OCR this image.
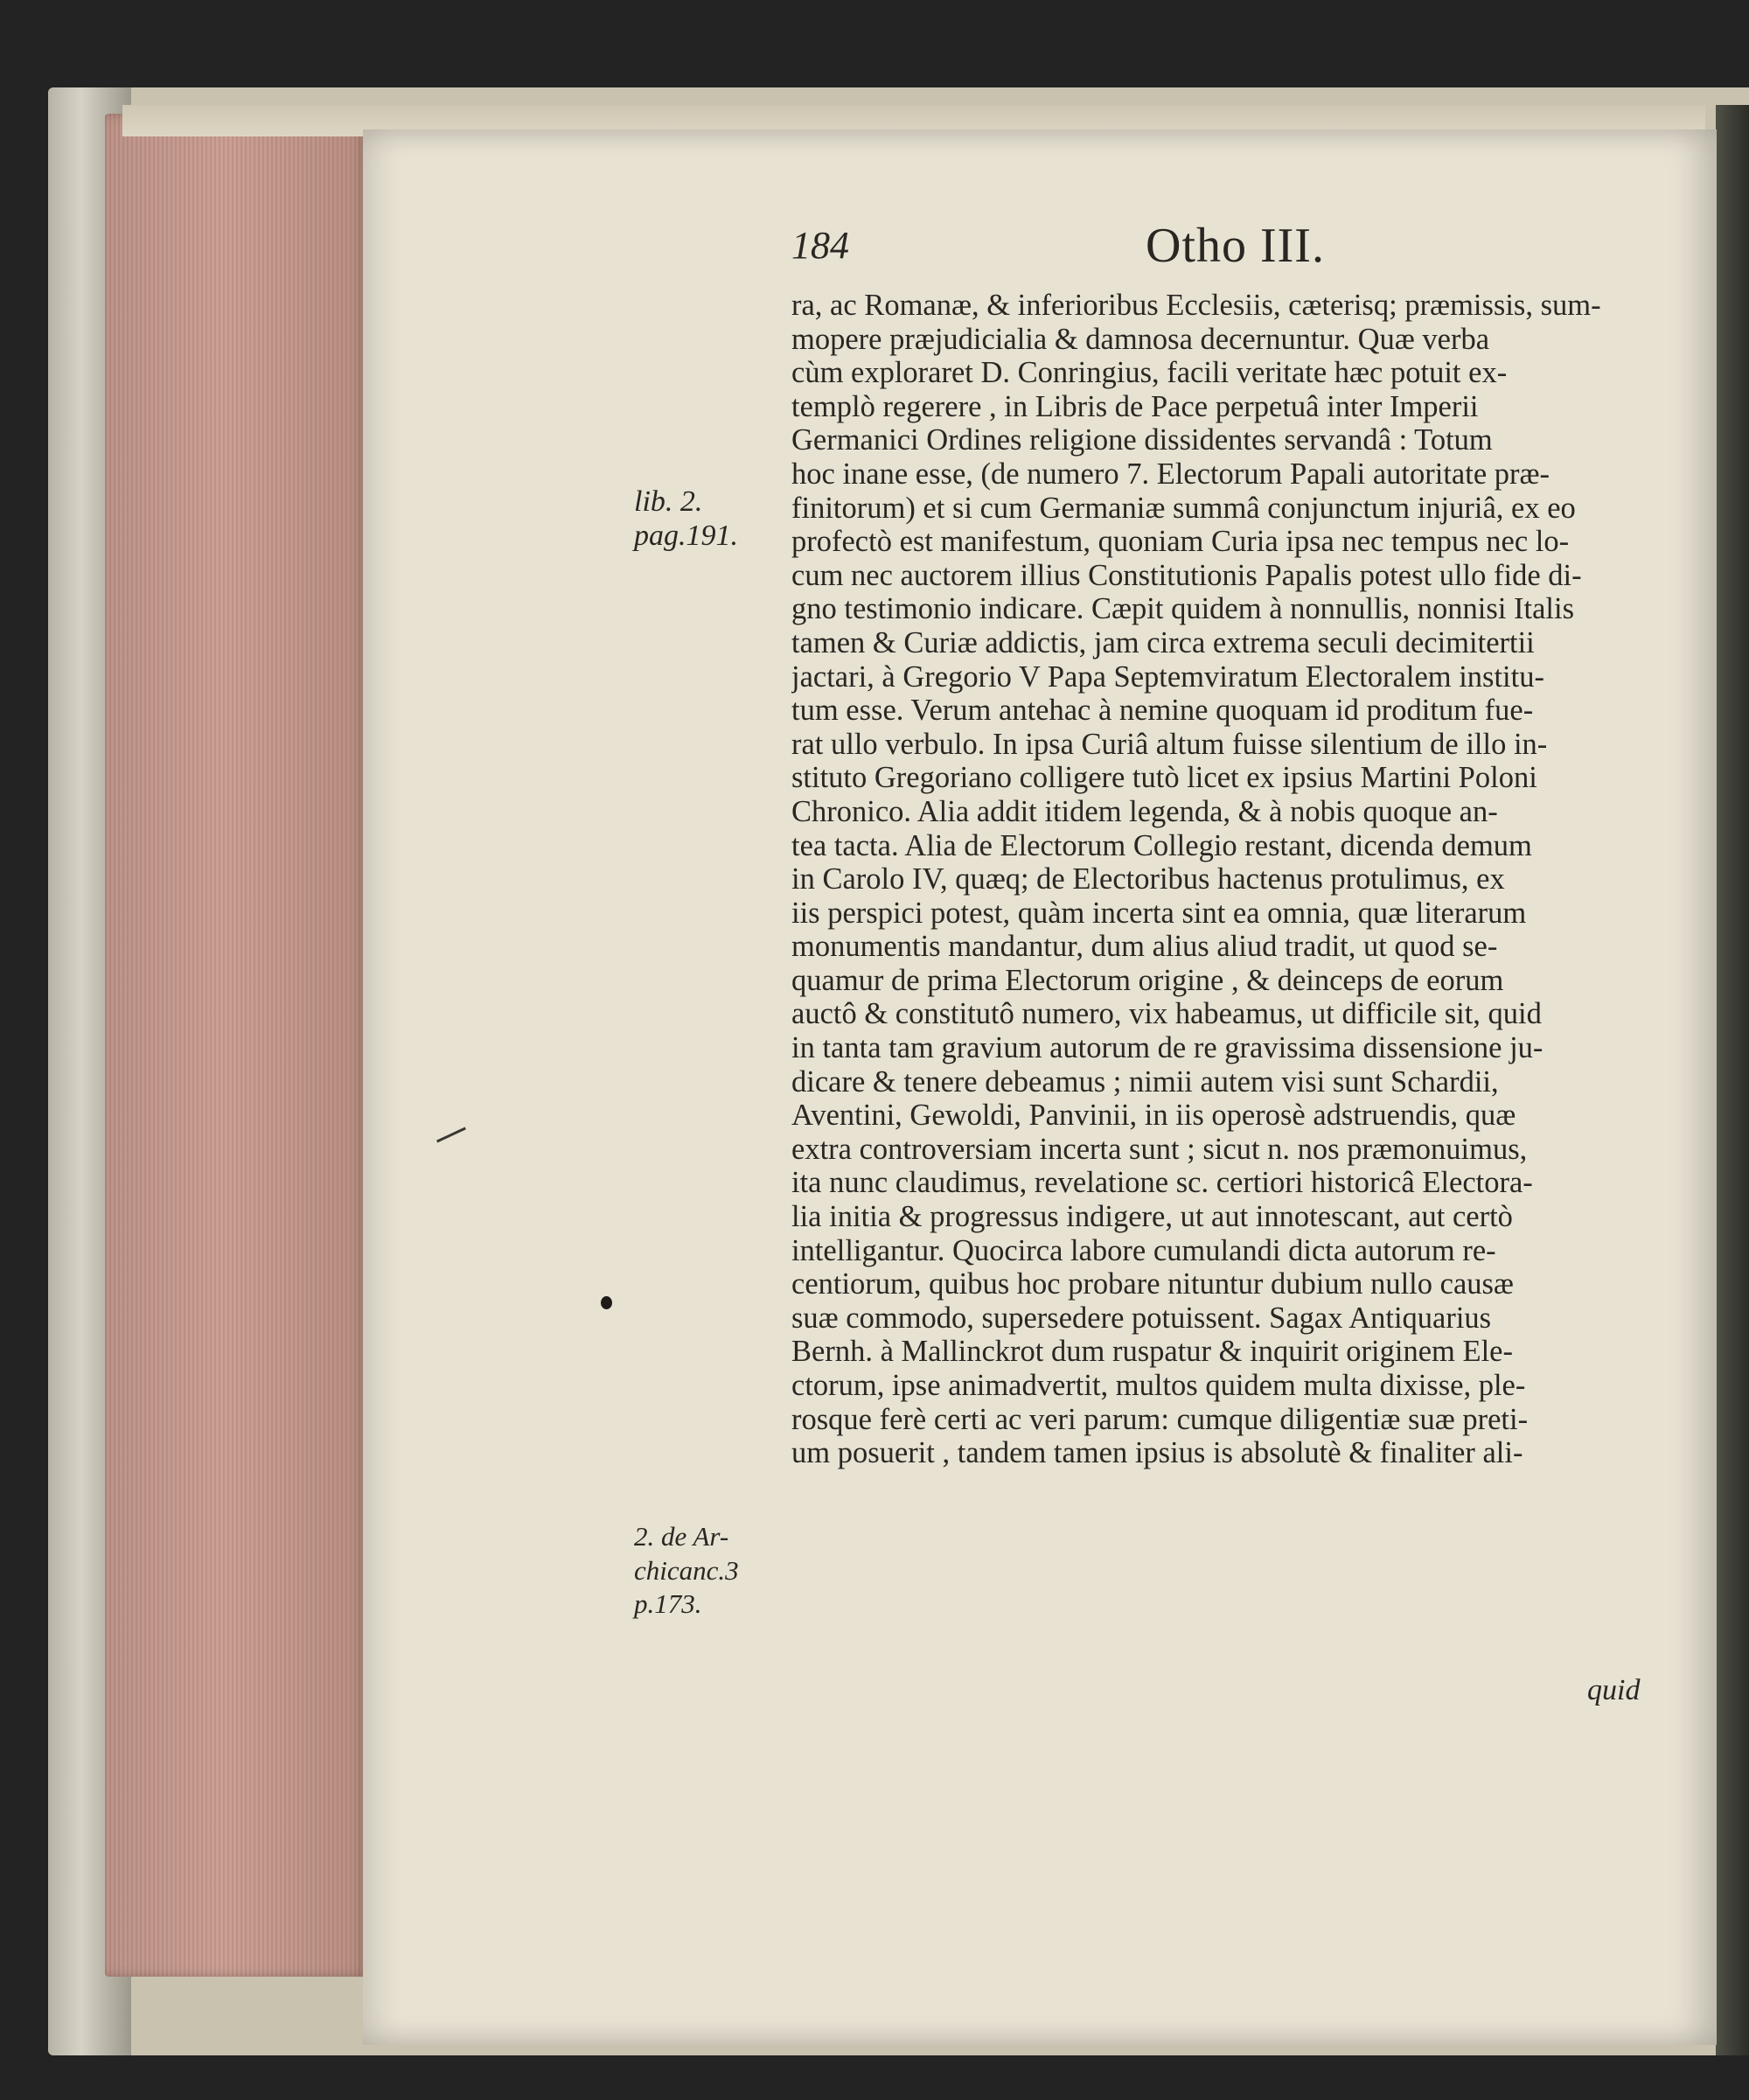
184	Otho III.
lib. 2.
pag.191.
2. de Ar-
chicanc.3
p.173.
ra, ac Romanæ, & inferioribus Ecclesiis, cæterisq; præmissis, sum-
mopere præjudicialia & damnosa decernuntur. Quæ verba
cùm exploraret D. Conringius, facili veritate hæc potuit ex-
templò regerere , in Libris de Pace perpetuâ inter Imperii
Germanici Ordines religione dissidentes servandâ : Totum
hoc inane esse, (de numero 7. Electorum Papali autoritate præ-
finitorum) et si cum Germaniæ summâ conjunctum injuriâ, ex eo
profectò est manifestum, quoniam Curia ipsa nec tempus nec lo-
cum nec auctorem illius Constitutionis Papalis potest ullo fide di-
gno testimonio indicare. Cæpit quidem à nonnullis, nonnisi Italis
tamen & Curiæ addictis, jam circa extrema seculi decimitertii
jactari, à Gregorio V Papa Septemviratum Electoralem institu-
tum esse. Verum antehac à nemine quoquam id proditum fue-
rat ullo verbulo. In ipsa Curiâ altum fuisse silentium de illo in-
stituto Gregoriano colligere tutò licet ex ipsius Martini Poloni
Chronico. Alia addit itidem legenda, & à nobis quoque an-
tea tacta. Alia de Electorum Collegio restant, dicenda demum
in Carolo IV, quæq; de Electoribus hactenus protulimus, ex
iis perspici potest, quàm incerta sint ea omnia, quæ literarum
monumentis mandantur, dum alius aliud tradit, ut quod se-
quamur de prima Electorum origine , & deinceps de eorum
auctô & constitutô numero, vix habeamus, ut difficile sit, quid
in tanta tam gravium autorum de re gravissima dissensione ju-
dicare & tenere debeamus ; nimii autem visi sunt Schardii,
Aventini, Gewoldi, Panvinii, in iis operosè adstruendis, quæ
extra controversiam incerta sunt ; sicut n. nos præmonuimus,
ita nunc claudimus, revelatione sc. certiori historicâ Electora-
lia initia & progressus indigere, ut aut innotescant, aut certò
intelligantur. Quocirca labore cumulandi dicta autorum re-
centiorum, quibus hoc probare nituntur dubium nullo causæ
suæ commodo, supersedere potuissent. Sagax Antiquarius
Bernh. à Mallinckrot dum ruspatur & inquirit originem Ele-
ctorum, ipse animadvertit, multos quidem multa dixisse, ple-
rosque ferè certi ac veri parum: cumque diligentiæ suæ preti-
um posuerit , tandem tamen ipsius is absolutè & finaliter ali-
quid
